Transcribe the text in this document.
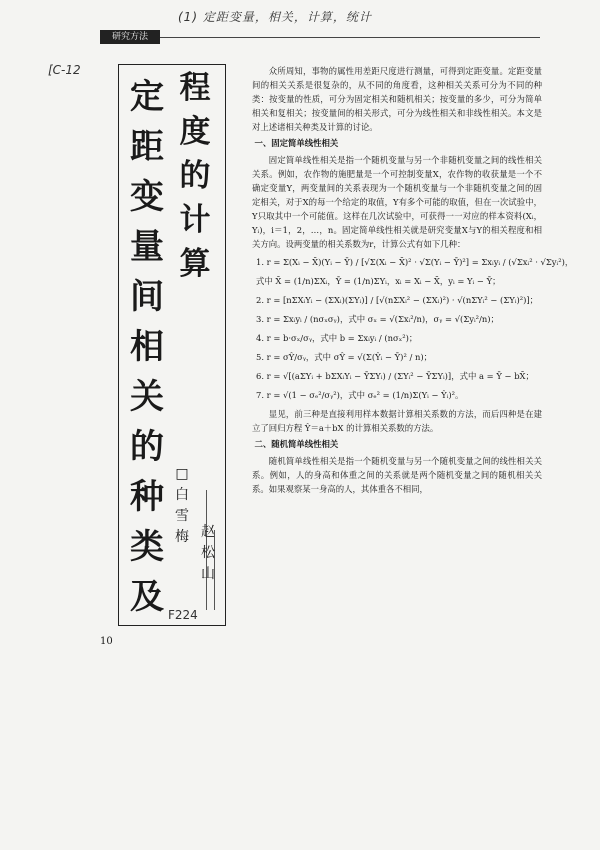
(1) 定距变量，相关，计算，统计
[C-12
F224
研究方法
定
距
变
量
间
相
关
的
种
类
及
程
度
的
计
算
□
白
雪
梅 赵
松
山

众所周知，事物的属性用差距尺度进行测量，可得到定距变量。定距变量间的相关关系是很复杂的，从不同的角度看，这种相关关系可分为不同的种类：按变量的性质，可分为固定相关和随机相关；按变量的多少，可分为简单相关和复相关；按变量间的相关形式，可分为线性相关和非线性相关。本文是对上述诸相关种类及计算的讨论。

一、固定简单线性相关

固定简单线性相关是指一个随机变量与另一个非随机变量之间的线性相关关系。例如，农作物的施肥量是一个可控制变量X，农作物的收获量是一个不确定变量Y，两变量间的关系表现为一个随机变量与一个非随机变量之间的固定相关，对于X的每一个给定的取值，Y有多个可能的取值，但在一次试验中，Y只取其中一个可能值。这样在几次试验中，可获得一一对应的样本资料(Xᵢ，Yᵢ)，i＝1，2，…，n。固定简单线性相关就是研究变量X与Y的相关程度和相关方向。设两变量的相关系数为r，计算公式有如下几种：

1. r = Σ(Xᵢ − X̄)(Yᵢ − Ȳ) / [√Σ(Xᵢ − X̄)² · √Σ(Yᵢ − Ȳ)²] = Σxᵢyᵢ / (√Σxᵢ² · √Σyᵢ²)，
式中 X̄ = (1/n)ΣXᵢ，Ȳ = (1/n)ΣYᵢ，xᵢ = Xᵢ − X̄，yᵢ = Yᵢ − Ȳ；
2. r = [nΣXᵢYᵢ − (ΣXᵢ)(ΣYᵢ)] / [√(nΣXᵢ² − (ΣXᵢ)²) · √(nΣYᵢ² − (ΣYᵢ)²)]；
3. r = Σxᵢyᵢ / (nσₓσᵧ)，式中 σₓ = √(Σxᵢ²/n)，σᵧ = √(Σyᵢ²/n)；
4. r = b·σₓ/σᵧ，式中 b = Σxᵢyᵢ / (nσₓ²)；
5. r = σŶ/σᵧ，式中 σŶ = √(Σ(Ŷᵢ − Ȳ)² / n)；
6. r = √[(aΣYᵢ + bΣXᵢYᵢ − ȲΣYᵢ) / (ΣYᵢ² − ȲΣYᵢ)]，式中 a = Ȳ − bX̄；
7. r = √(1 − σₑ²/σᵧ²)，式中 σₑ² = (1/n)Σ(Yᵢ − Ŷᵢ)²。

显见，前三种是直接利用样本数据计算相关系数的方法，而后四种是在建立了回归方程 Ŷ＝a＋bX 的计算相关系数的方法。

二、随机简单线性相关

随机简单线性相关是指一个随机变量与另一个随机变量之间的线性相关关系。例如，人的身高和体重之间的关系就是两个随机变量之间的随机相关关系。如果观察某一身高的人，其体重各不相同，

10
